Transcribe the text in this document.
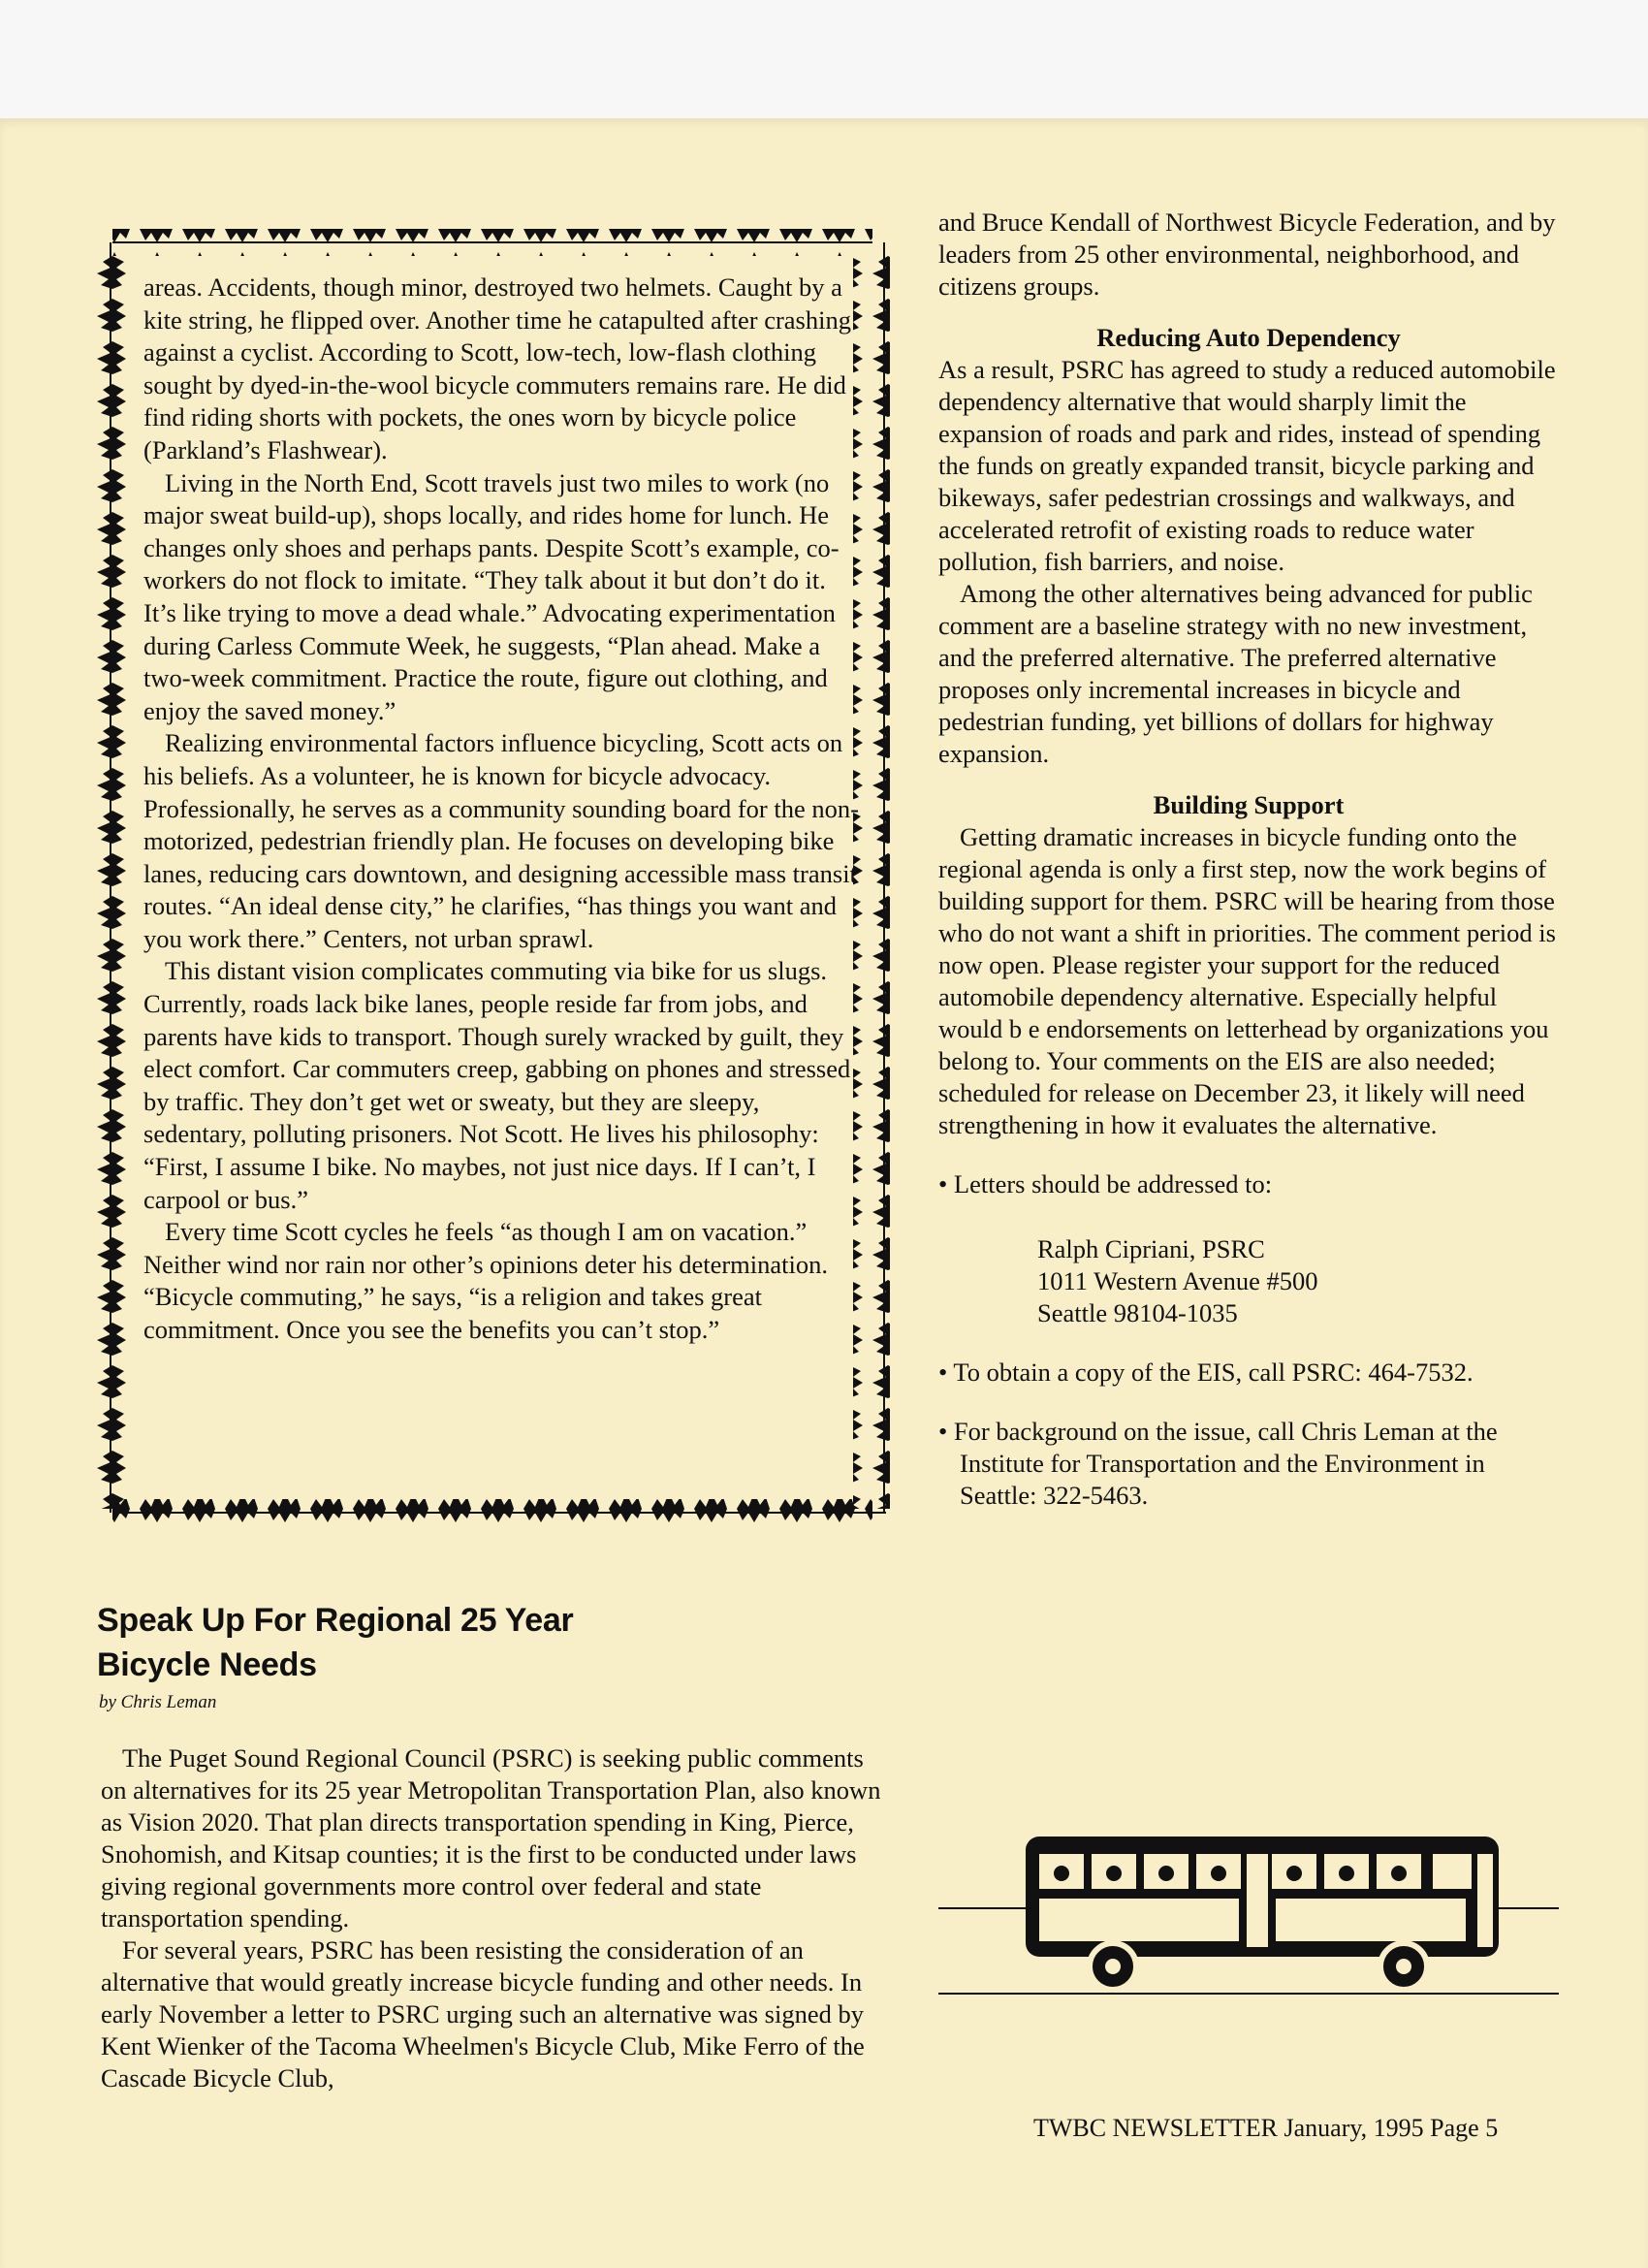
areas. Accidents, though minor, destroyed two helmets. Caught by a kite string, he flipped over. Another time he catapulted after crashing against a cyclist. According to Scott, low-tech, low-flash clothing sought by dyed-in-the-wool bicycle commuters remains rare. He did find riding shorts with pockets, the ones worn by bicycle police (Parkland’s Flashwear).

Living in the North End, Scott travels just two miles to work (no major sweat build-up), shops locally, and rides home for lunch. He changes only shoes and perhaps pants. Despite Scott’s example, co-workers do not flock to imitate. “They talk about it but don’t do it. It’s like trying to move a dead whale.” Advocating experimentation during Carless Commute Week, he suggests, “Plan ahead. Make a two-week commitment. Practice the route, figure out clothing, and enjoy the saved money.”

Realizing environmental factors influence bicycling, Scott acts on his beliefs. As a volunteer, he is known for bicycle advocacy. Professionally, he serves as a community sounding board for the non-motorized, pedestrian friendly plan. He focuses on developing bike lanes, reducing cars downtown, and designing accessible mass transit routes. “An ideal dense city,” he clarifies, “has things you want and you work there.” Centers, not urban sprawl.

This distant vision complicates commuting via bike for us slugs. Currently, roads lack bike lanes, people reside far from jobs, and parents have kids to transport. Though surely wracked by guilt, they elect comfort. Car commuters creep, gabbing on phones and stressed by traffic. They don’t get wet or sweaty, but they are sleepy, sedentary, polluting prisoners. Not Scott. He lives his philosophy: “First, I assume I bike. No maybes, not just nice days. If I can’t, I carpool or bus.”

Every time Scott cycles he feels “as though I am on vacation.” Neither wind nor rain nor other’s opinions deter his determination. “Bicycle commuting,” he says, “is a religion and takes great commitment. Once you see the benefits you can’t stop.”

Speak Up For Regional 25 Year Bicycle Needs
by Chris Leman

The Puget Sound Regional Council (PSRC) is seeking public comments on alternatives for its 25 year Metropolitan Transportation Plan, also known as Vision 2020. That plan directs transportation spending in King, Pierce, Snohomish, and Kitsap counties; it is the first to be conducted under laws giving regional governments more control over federal and state transportation spending.

For several years, PSRC has been resisting the consideration of an alternative that would greatly increase bicycle funding and other needs. In early November a letter to PSRC urging such an alternative was signed by Kent Wienker of the Tacoma Wheelmen's Bicycle Club, Mike Ferro of the Cascade Bicycle Club,

and Bruce Kendall of Northwest Bicycle Federation, and by leaders from 25 other environmental, neighborhood, and citizens groups.

Reducing Auto Dependency

As a result, PSRC has agreed to study a reduced automobile dependency alternative that would sharply limit the expansion of roads and park and rides, instead of spending the funds on greatly expanded transit, bicycle parking and bikeways, safer pedestrian crossings and walkways, and accelerated retrofit of existing roads to reduce water pollution, fish barriers, and noise.

Among the other alternatives being advanced for public comment are a baseline strategy with no new investment, and the preferred alternative. The preferred alternative proposes only incremental increases in bicycle and pedestrian funding, yet billions of dollars for highway expansion.

Building Support

Getting dramatic increases in bicycle funding onto the regional agenda is only a first step, now the work begins of building support for them. PSRC will be hearing from those who do not want a shift in priorities. The comment period is now open. Please register your support for the reduced automobile dependency alternative. Especially helpful would b e endorsements on letterhead by organizations you belong to. Your comments on the EIS are also needed; scheduled for release on December 23, it likely will need strengthening in how it evaluates the alternative.

• Letters should be addressed to:

Ralph Cipriani, PSRC
1011 Western Avenue #500
Seattle 98104-1035

• To obtain a copy of the EIS, call PSRC: 464-7532.

• For background on the issue, call Chris Leman at the Institute for Transportation and the Environment in Seattle: 322-5463.

TWBC NEWSLETTER January, 1995 Page 5
